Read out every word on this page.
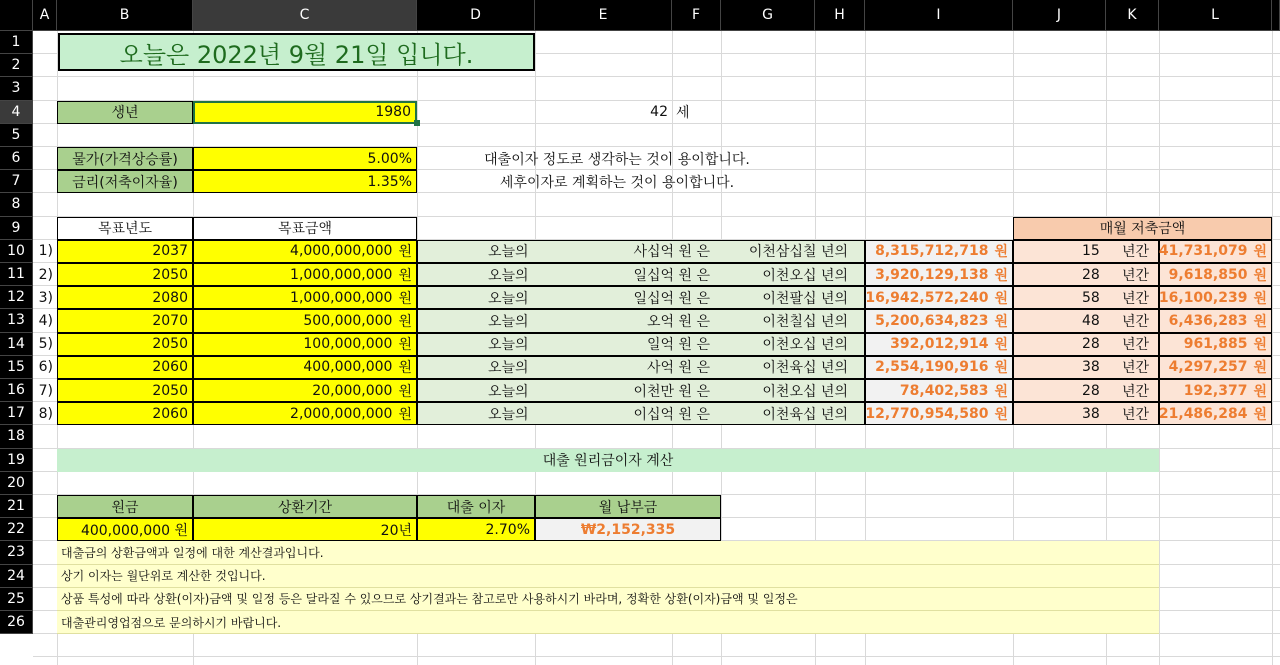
A	B	C	D	E	F	G	H	I	J	K	L
1
2
3
4
5
6
7
8
9
10
11
12
13
14
15
16
17
18
19
20
21
22
23
24
25
26
오늘은 2022년 9월 21일 입니다.
생년	1980	42 세
물가(가격상승률)	5.00%	대출이자 정도로 생각하는 것이 용이합니다.
금리(저축이자율)	1.35%	세후이자로 계획하는 것이 용이합니다.
목표년도	목표금액	매월 저축금액
1)	2037	4,000,000,000 원	오늘의	사십억 원 은	이천삼십칠 년의 8,315,712,718 원	15 년간 41,731,079 원
2)	2050	1,000,000,000 원	오늘의	일십억 원 은	이천오십 년의 3,920,129,138 원	28 년간 9,618,850 원
3)	2080	1,000,000,000 원	오늘의	일십억 원 은	이천팔십 년의 16,942,572,240 원	58 년간 16,100,239 원
4)	2070	500,000,000 원	오늘의	오억 원 은	이천칠십 년의 5,200,634,823 원	48 년간 6,436,283 원
5)	2050	100,000,000 원	오늘의	일억 원 은	이천오십 년의	392,012,914 원	28 년간 961,885 원
6)	2060	400,000,000 원	오늘의	사억 원 은	이천육십 년의 2,554,190,916 원	38 년간 4,297,257 원
7)	2050	20,000,000 원	오늘의	이천만 원 은	이천오십 년의	78,402,583 원	28 년간 192,377 원
8)	2060	2,000,000,000 원	오늘의	이십억 원 은	이천육십 년의 12,770,954,580 원	38 년간 21,486,284 원
대출 원리금이자 계산
원금	상환기간	대출 이자	월 납부금
400,000,000 원	20년	2.70%	₩2,152,335
대출금의 상환금액과 일정에 대한 계산결과입니다.
상기 이자는 월단위로 계산한 것입니다.
상품 특성에 따라 상환(이자)금액 및 일정 등은 달라질 수 있으므로 상기결과는 참고로만 사용하시기 바라며, 정확한 상환(이자)금액 및 일정은
대출관리영업점으로 문의하시기 바랍니다.
